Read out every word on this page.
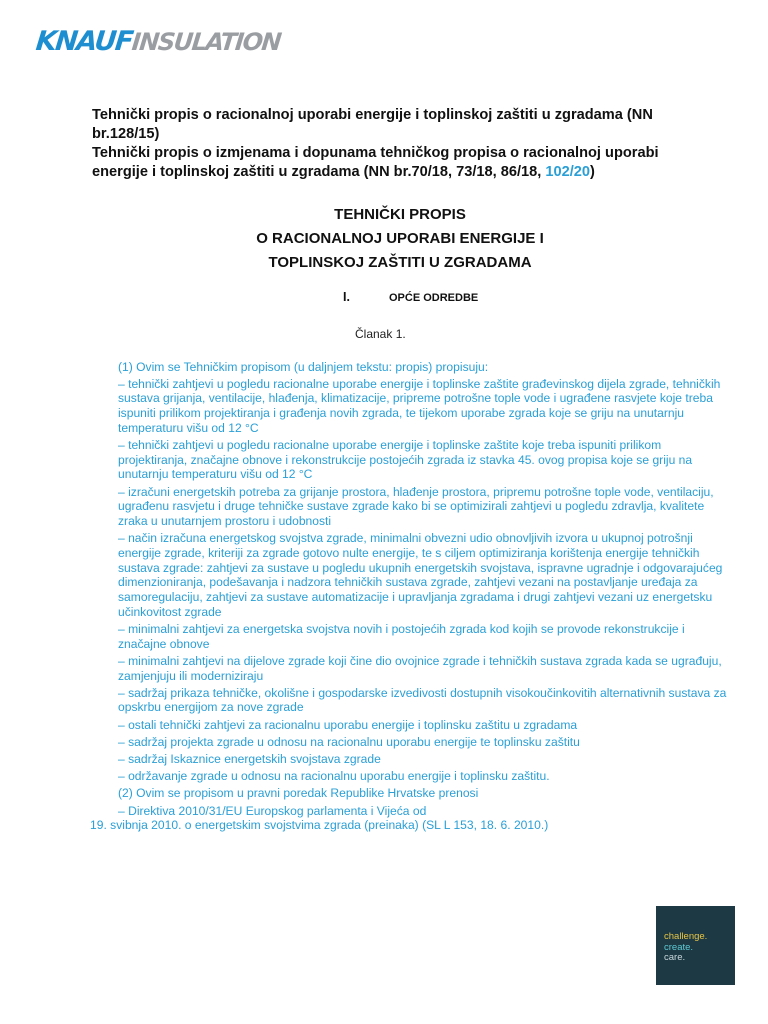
KNAUFINSULATION

Tehnički propis o racionalnoj uporabi energije i toplinskoj zaštiti u zgradama (NN br.128/15)

Tehnički propis o izmjenama i dopunama tehničkog propisa o racionalnoj uporabi energije i toplinskoj zaštiti u zgradama (NN br.70/18, 73/18, 86/18, 102/20)

TEHNIČKI PROPIS
O RACIONALNOJ UPORABI ENERGIJE I
TOPLINSKOJ ZAŠTITI U ZGRADAMA
I.	OPĆE ODREDBE
Članak 1.

(1) Ovim se Tehničkim propisom (u daljnjem tekstu: propis) propisuju:

– tehnički zahtjevi u pogledu racionalne uporabe energije i toplinske zaštite građevinskog dijela zgrade, tehničkih sustava grijanja, ventilacije, hlađenja, klimatizacije, pripreme potrošne tople vode i ugrađene rasvjete koje treba ispuniti prilikom projektiranja i građenja novih zgrada, te tijekom uporabe zgrada koje se griju na unutarnju temperaturu višu od 12 °C

– tehnički zahtjevi u pogledu racionalne uporabe energije i toplinske zaštite koje treba ispuniti prilikom projektiranja, značajne obnove i rekonstrukcije postojećih zgrada iz stavka 45. ovog propisa koje se griju na unutarnju temperaturu višu od 12 °C

– izračuni energetskih potreba za grijanje prostora, hlađenje prostora, pripremu potrošne tople vode, ventilaciju, ugrađenu rasvjetu i druge tehničke sustave zgrade kako bi se optimizirali zahtjevi u pogledu zdravlja, kvalitete zraka u unutarnjem prostoru i udobnosti

– način izračuna energetskog svojstva zgrade, minimalni obvezni udio obnovljivih izvora u ukupnoj potrošnji energije zgrade, kriteriji za zgrade gotovo nulte energije, te s ciljem optimiziranja korištenja energije tehničkih sustava zgrade: zahtjevi za sustave u pogledu ukupnih energetskih svojstava, ispravne ugradnje i odgovarajućeg dimenzioniranja, podešavanja i nadzora tehničkih sustava zgrade, zahtjevi vezani na postavljanje uređaja za samoregulaciju, zahtjevi za sustave automatizacije i upravljanja zgradama i drugi zahtjevi vezani uz energetsku učinkovitost zgrade

– minimalni zahtjevi za energetska svojstva novih i postojećih zgrada kod kojih se provode rekonstrukcije i značajne obnove

– minimalni zahtjevi na dijelove zgrade koji čine dio ovojnice zgrade i tehničkih sustava zgrada kada se ugrađuju, zamjenjuju ili moderniziraju

– sadržaj prikaza tehničke, okolišne i gospodarske izvedivosti dostupnih visokoučinkovitih alternativnih sustava za opskrbu energijom za nove zgrade

– ostali tehnički zahtjevi za racionalnu uporabu energije i toplinsku zaštitu u zgradama

– sadržaj projekta zgrade u odnosu na racionalnu uporabu energije te toplinsku zaštitu

– sadržaj Iskaznice energetskih svojstava zgrade

– održavanje zgrade u odnosu na racionalnu uporabu energije i toplinsku zaštitu.

(2) Ovim se propisom u pravni poredak Republike Hrvatske prenosi

– Direktiva 2010/31/EU Europskog parlamenta i Vijeća od

19. svibnja 2010. o energetskim svojstvima zgrada (preinaka) (SL L 153, 18. 6. 2010.)

challenge.
create.
care.
